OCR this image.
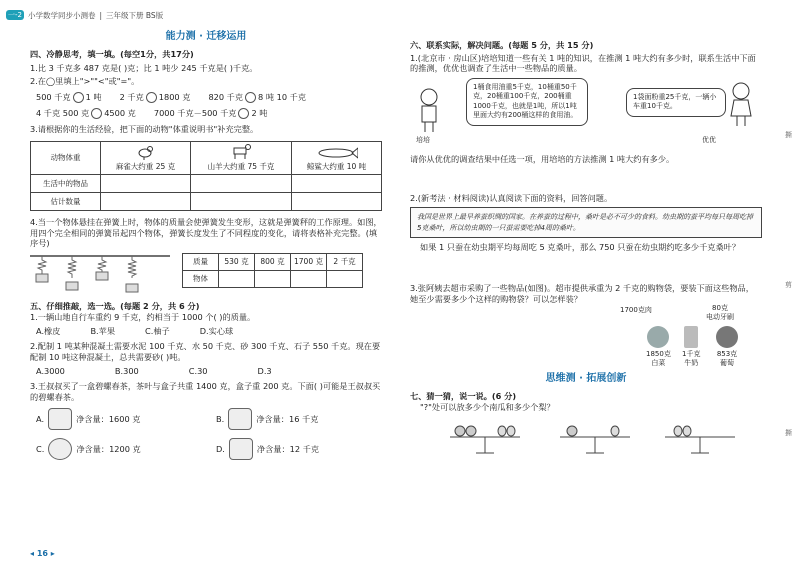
一-2 小学数学同步小测卷 | 三年级下册 BS版
能力测 · 迁移运用
四、冷静思考，填一填。(每空1分，共17分)
1.比 3 千克多 487 克是( )克；比 1 吨少 245 千克是( )千克。
2.在◯里填上">""<"或"="。
500 千克 1 吨 2 千克 1800 克 820 千克 8 吨 10 千克
4 千克 500 克 4500 克 7000 千克－500 千克 2 吨
3.请根据你的生活经验，把下面的动物"体重说明书"补充完整。
动物体重	麻雀大约重 25 克	山羊大约重 75 千克	鲸鲨大约重 10 吨

生活中的物品			
估计数量			
4.当一个物体悬挂在弹簧上时，物体的质量会使弹簧发生变形，这就是弹簧秤的工作原理。如图，用四个完全相同的弹簧吊起四个物体，弹簧长度发生了不同程度的变化，请将表格补充完整。(填序号)
质量	530 克	800 克	1700 克	2 千克
物体				
五、仔细推敲，选一选。(每题 2 分，共 6 分)
1.一辆山地自行车重约 9 千克，约相当于 1000 个( )的质量。
A.橡皮	B.苹果	C.柚子	D.实心球
2.配制 1 吨某种混凝土需要水泥 100 千克、水 50 千克、砂 300 千克、石子 550 千克。现在要配制 10 吨这种混凝土，总共需要砂( )吨。
A.3000	B.300	C.30	D.3
3.王叔叔买了一盒碧螺春茶，茶叶与盒子共重 1400 克，盒子重 200 克。下面( )可能是王叔叔买的碧螺春茶。
A.	净含量：1600 克	B.	净含量：16 千克
C.	净含量：1200 克	D.	净含量：12 千克
◂ 16 ▸
六、联系实际，解决问题。(每题 5 分，共 15 分)
1.(北京市 · 房山区)培培知道一些有关 1 吨的知识，在推测 1 吨大约有多少时，联系生活中下面的推测，优优也调查了生活中一些物品的质量。
培培
1桶食用油重5千克，10桶重50千克，20桶重100千克，200桶重1000千克，也就是1吨，所以1吨里面大约有200桶这样的食用油。
1袋面粉重25千克，一辆小车重10千克。
优优
请你从优优的调查结果中任选一项，用培培的方法推测 1 吨大约有多少。
2.(新考法 · 材料阅读)认真阅读下面的资料，回答问题。
我国是世界上最早养蚕织绸的国家。在养蚕的过程中，桑叶是必不可少的食料。幼虫期的蚕平均每只每周吃掉5克桑叶，所以幼虫期的一只蚕需要吃掉4周的桑叶。
如果 1 只蚕在幼虫期平均每周吃 5 克桑叶，那么 750 只蚕在幼虫期约吃多少千克桑叶？
3.张阿姨去超市采购了一些物品(如图)。超市提供承重为 2 千克的购物袋，要装下面这些物品，她至少需要多少个这样的购物袋？可以怎样装？
1700克肉	80克
电动牙刷
1850克
白菜
1千克
牛奶
853克
葡萄
思维测 · 拓展创新
七、猜一猜，说一说。(6 分)
"?"处可以放多少个南瓜和多少个梨？
撕
剪
撕
